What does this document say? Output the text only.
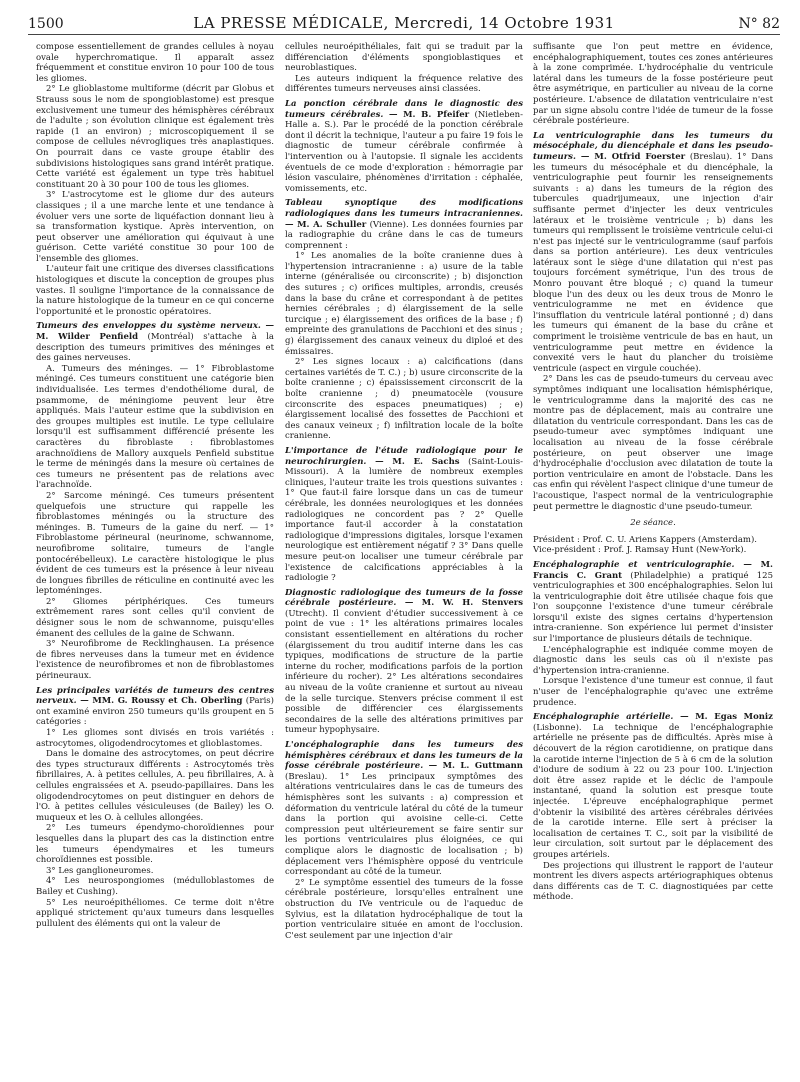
1500	LA PRESSE MÉDICALE, Mercredi, 14 Octobre 1931	N° 82

compose essentiellement de grandes cellules à noyau ovale hyperchromatique. Il apparaît assez fréquemment et constitue environ 10 pour 100 de tous les gliomes.

2° Le glioblastome multiforme (décrit par Globus et Strauss sous le nom de spongioblastome) est presque exclusivement une tumeur des hémisphères cérébraux de l'adulte ; son évolution clinique est également très rapide (1 an environ) ; microscopiquement il se compose de cellules névrogliques très anaplastiques. On pourrait dans ce vaste groupe établir des subdivisions histologiques sans grand intérêt pratique. Cette variété est également un type très habituel constituant 20 à 30 pour 100 de tous les gliomes.

3° L'astrocytome est le gliome dur des auteurs classiques ; il a une marche lente et une tendance à évoluer vers une sorte de liquéfaction donnant lieu à sa transformation kystique. Après intervention, on peut observer une amélioration qui équivaut à une guérison. Cette variété constitue 30 pour 100 de l'ensemble des gliomes.

L'auteur fait une critique des diverses classifications histologiques et discute la conception de groupes plus vastes. Il souligne l'importance de la connaissance de la nature histologique de la tumeur en ce qui concerne l'opportunité et le pronostic opératoires.

Tumeurs des enveloppes du système nerveux. — M. Wilder Penfield (Montréal) s'attache à la description des tumeurs primitives des méninges et des gaines nerveuses.

A. Tumeurs des méninges. — 1° Fibroblastome méningé. Ces tumeurs constituent une catégorie bien individualisée. Les termes d'endothéliome dural, de psammome, de méningiome peuvent leur être appliqués. Mais l'auteur estime que la subdivision en des groupes multiples est inutile. Le type cellulaire lorsqu'il est suffisamment différencié présente les caractères du fibroblaste : fibroblastomes arachnoïdiens de Mallory auxquels Penfield substitue le terme de méningés dans la mesure où certaines de ces tumeurs ne présentent pas de relations avec l'arachnoïde.

2° Sarcome méningé. Ces tumeurs présentent quelquefois une structure qui rappelle les fibroblastomes méningés ou la structure des méninges. B. Tumeurs de la gaine du nerf. — 1° Fibroblastome périneural (neurinome, schwannome, neurofibrome solitaire, tumeurs de l'angle pontocérébelleux). Le caractère histologique le plus évident de ces tumeurs est la présence à leur niveau de longues fibrilles de réticuline en continuité avec les leptoméninges.

2° Gliomes périphériques. Ces tumeurs extrêmement rares sont celles qu'il convient de désigner sous le nom de schwannome, puisqu'elles émanent des cellules de la gaine de Schwann.

3° Neurofibrome de Recklinghausen. La présence de fibres nerveuses dans la tumeur met en évidence l'existence de neurofibromes et non de fibroblastomes périneuraux.

Les principales variétés de tumeurs des centres nerveux. — MM. G. Roussy et Ch. Oberling (Paris) ont examiné environ 250 tumeurs qu'ils groupent en 5 catégories :

1° Les gliomes sont divisés en trois variétés : astrocytomes, oligodendrocytomes et glioblastomes.

Dans le domaine des astrocytomes, on peut décrire des types structuraux différents : Astrocytomés très fibrillaires, A. à petites cellules, A. peu fibrillaires, A. à cellules engraissées et A. pseudo-papillaires. Dans les oligodendrocytomes on peut distinguer en dehors de l'O. à petites cellules vésiculeuses (de Bailey) les O. muqueux et les O. à cellules allongées.

2° Les tumeurs épendymo-choroïdiennes pour lesquelles dans la plupart des cas la distinction entre les tumeurs épendymaires et les tumeurs choroïdiennes est possible.

3° Les ganglioneuromes.

4° Les neurospongiomes (médulloblastomes de Bailey et Cushing).

5° Les neuroépithéliomes. Ce terme doit n'être appliqué strictement qu'aux tumeurs dans lesquelles pullulent des éléments qui ont la valeur de

cellules neuroépithéliales, fait qui se traduit par la différenciation d'éléments spongioblastiques et neuroblastiques.

Les auteurs indiquent la fréquence relative des différentes tumeurs nerveuses ainsi classées.

La ponction cérébrale dans le diagnostic des tumeurs cérébrales. — M. B. Pfeifer (Nietleben-Halle a. S.). Par le procédé de la ponction cérébrale dont il décrit la technique, l'auteur a pu faire 19 fois le diagnostic de tumeur cérébrale confirmée à l'intervention ou à l'autopsie. Il signale les accidents éventuels de ce mode d'exploration : hémorragie par lésion vasculaire, phénomènes d'irritation : céphalée, vomissements, etc.

Tableau synoptique des modifications radiologiques dans les tumeurs intracraniennes. — M. A. Schuller (Vienne). Les données fournies par la radiographie du crâne dans le cas de tumeurs comprennent :

1° Les anomalies de la boîte cranienne dues à l'hypertension intracranienne : a) usure de la table interne (généralisée ou circonscrite) ; b) disjonction des sutures ; c) orifices multiples, arrondis, creusés dans la base du crâne et correspondant à de petites hernies cérébrales ; d) élargissement de la selle turcique ; e) élargissement des orifices de la base ; f) empreinte des granulations de Pacchioni et des sinus ; g) élargissement des canaux veineux du diploé et des émissaires.

2° Les signes locaux : a) calcifications (dans certaines variétés de T. C.) ; b) usure circonscrite de la boîte cranienne ; c) épaississement circonscrit de la boîte cranienne ; d) pneumatocèle (vousure circonscrite des espaces pneumatiques) ; e) élargissement localisé des fossettes de Pacchioni et des canaux veineux ; f) infiltration locale de la boîte cranienne.

L'importance de l'étude radiologique pour le neurochirurgien. — M. E. Sachs (Saint-Louis-Missouri). A la lumière de nombreux exemples cliniques, l'auteur traite les trois questions suivantes : 1° Que faut-il faire lorsque dans un cas de tumeur cérébrale, les données neurologiques et les données radiologiques ne concordent pas ? 2° Quelle importance faut-il accorder à la constatation radiologique d'impressions digitales, lorsque l'examen neurologique est entièrement négatif ? 3° Dans quelle mesure peut-on localiser une tumeur cérébrale par l'existence de calcifications appréciables à la radiologie ?

Diagnostic radiologique des tumeurs de la fosse cérébrale postérieure. — M. W. H. Stenvers (Utrecht). Il convient d'étudier successivement à ce point de vue : 1° les altérations primaires locales consistant essentiellement en altérations du rocher (élargissement du trou auditif interne dans les cas typiques, modifications de structure de la partie interne du rocher, modifications parfois de la portion inférieure du rocher). 2° Les altérations secondaires au niveau de la voûte cranienne et surtout au niveau de la selle turcique. Stenvers précise comment il est possible de différencier ces élargissements secondaires de la selle des altérations primitives par tumeur hypophysaire.

L'oncéphalographie dans les tumeurs des hémisphères cérébraux et dans les tumeurs de la fosse cérébrale postérieure. — M. L. Guttmann (Breslau). 1° Les principaux symptômes des altérations ventriculaires dans le cas de tumeurs des hémisphères sont les suivants : a) compression et déformation du ventricule latéral du côté de la tumeur dans la portion qui avoisine celle-ci. Cette compression peut ultérieurement se faire sentir sur les portions ventriculaires plus éloignées, ce qui complique alors le diagnostic de localisation ; b) déplacement vers l'hémisphère opposé du ventricule correspondant au côté de la tumeur.

2° Le symptôme essentiel des tumeurs de la fosse cérébrale postérieure, lorsqu'elles entraînent une obstruction du IVe ventricule ou de l'aqueduc de Sylvius, est la dilatation hydrocéphalique de tout la portion ventriculaire située en amont de l'occlusion. C'est seulement par une injection d'air

suffisante que l'on peut mettre en évidence, encéphalographiquement, toutes ces zones antérieures à la zone comprimée. L'hydrocéphalie du ventricule latéral dans les tumeurs de la fosse postérieure peut être asymétrique, en particulier au niveau de la corne postérieure. L'absence de dilatation ventriculaire n'est par un signe absolu contre l'idée de tumeur de la fosse cérébrale postérieure.

La ventriculographie dans les tumeurs du mésocéphale, du diencéphale et dans les pseudo-tumeurs. — M. Otfrid Foerster (Breslau). 1° Dans les tumeurs du mésocéphale et du diencéphale, la ventriculographie peut fournir les renseignements suivants : a) dans les tumeurs de la région des tubercules quadrijumeaux, une injection d'air suffisante permet d'injecter les deux ventricules latéraux et le troisième ventricule ; b) dans les tumeurs qui remplissent le troisième ventricule celui-ci n'est pas injecté sur le ventriculogramme (sauf parfois dans sa portion antérieure). Les deux ventricules latéraux sont le siège d'une dilatation qui n'est pas toujours forcément symétrique, l'un des trous de Monro pouvant être bloqué ; c) quand la tumeur bloque l'un des deux ou les deux trous de Monro le ventriculogramme ne met en évidence que l'insufflation du ventricule latéral pontionné ; d) dans les tumeurs qui émanent de la base du crâne et compriment le troisième ventricule de bas en haut, un ventriculogramme peut mettre en évidence la convexité vers le haut du plancher du troisième ventricule (aspect en virgule couchée).

2° Dans les cas de pseudo-tumeurs du cerveau avec symptômes indiquant une localisation hémisphérique, le ventriculogramme dans la majorité des cas ne montre pas de déplacement, mais au contraire une dilatation du ventricule correspondant. Dans les cas de pseudo-tumeur avec symptômes indiquant une localisation au niveau de la fosse cérébrale postérieure, on peut observer une image d'hydrocéphalie d'occlusion avec dilatation de toute la portion ventriculaire en amont de l'obstacle. Dans les cas enfin qui révèlent l'aspect clinique d'une tumeur de l'acoustique, l'aspect normal de la ventriculographie peut permettre le diagnostic d'une pseudo-tumeur.

2e séance.

Président : Prof. C. U. Ariens Kappers (Amsterdam).

Vice-président : Prof. J. Ramsay Hunt (New-York).

Encéphalographie et ventriculographie. — M. Francis C. Grant (Philadelphie) a pratiqué 125 ventriculographies et 300 encéphalographies. Selon lui la ventriculographie doit être utilisée chaque fois que l'on soupçonne l'existence d'une tumeur cérébrale lorsqu'il existe des signes certains d'hypertension intra-cranienne. Son expérience lui permet d'insister sur l'importance de plusieurs détails de technique.

L'encéphalographie est indiquée comme moyen de diagnostic dans les seuls cas où il n'existe pas d'hypertension intra-cranienne.

Lorsque l'existence d'une tumeur est connue, il faut n'user de l'encéphalographie qu'avec une extrême prudence.

Encéphalographie artérielle. — M. Egas Moniz (Lisbonne). La technique de l'encéphalographie artérielle ne présente pas de difficultés. Après mise à découvert de la région carotidienne, on pratique dans la carotide interne l'injection de 5 à 6 cm de la solution d'iodure de sodium à 22 ou 23 pour 100. L'injection doit être assez rapide et le déclic de l'ampoule instantané, quand la solution est presque toute injectée. L'épreuve encéphalographique permet d'obtenir la visibilité des artères cérébrales dérivées de la carotide interne. Elle sert à préciser la localisation de certaines T. C., soit par la visibilité de leur circulation, soit surtout par le déplacement des groupes artériels.

Des projections qui illustrent le rapport de l'auteur montrent les divers aspects artériographiques obtenus dans différents cas de T. C. diagnostiquées par cette méthode.
